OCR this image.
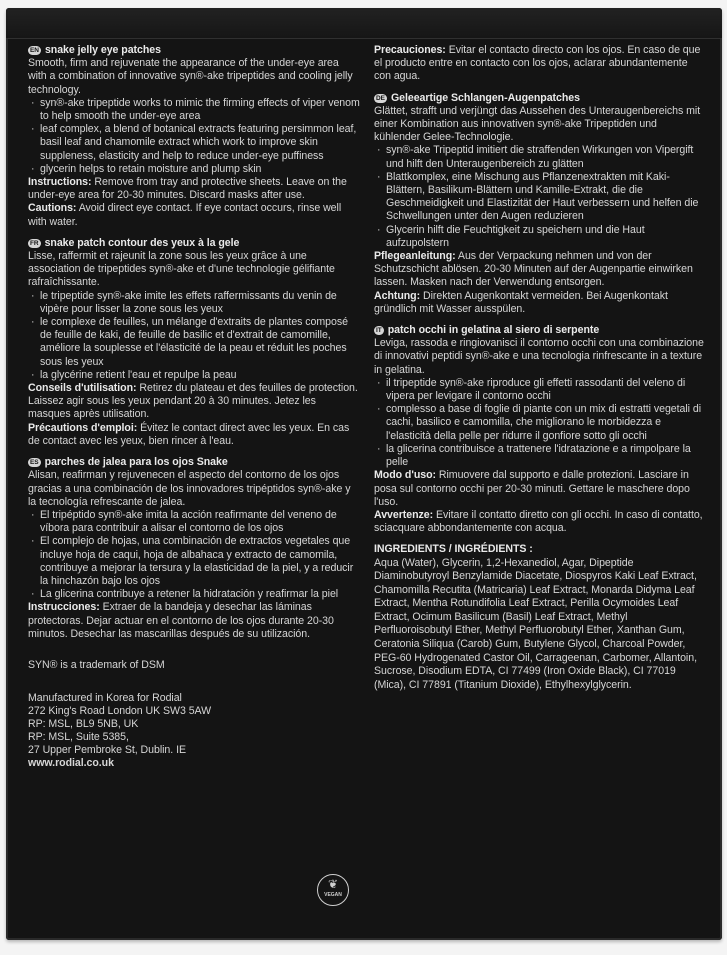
EN snake jelly eye patches

Smooth, firm and rejuvenate the appearance of the under-eye area with a combination of innovative syn®-ake tripeptides and cooling jelly technology.

· syn®-ake tripeptide works to mimic the firming effects of viper venom to help smooth the under-eye area
· leaf complex, a blend of botanical extracts featuring persimmon leaf, basil leaf and chamomile extract which work to improve skin suppleness, elasticity and help to reduce under-eye puffiness
· glycerin helps to retain moisture and plump skin

Instructions: Remove from tray and protective sheets. Leave on the under-eye area for 20-30 minutes. Discard masks after use.

Cautions: Avoid direct eye contact. If eye contact occurs, rinse well with water.

FR snake patch contour des yeux à la gele

Lisse, raffermit et rajeunit la zone sous les yeux grâce à une association de tripeptides syn®-ake et d'une technologie gélifiante rafraîchissante.

· le tripeptide syn®-ake imite les effets raffermissants du venin de vipère pour lisser la zone sous les yeux
· le complexe de feuilles, un mélange d'extraits de plantes composé de feuille de kaki, de feuille de basilic et d'extrait de camomille, améliore la souplesse et l'élasticité de la peau et réduit les poches sous les yeux
· la glycérine retient l'eau et repulpe la peau

Conseils d'utilisation: Retirez du plateau et des feuilles de protection. Laissez agir sous les yeux pendant 20 à 30 minutes. Jetez les masques après utilisation.

Précautions d'emploi: Évitez le contact direct avec les yeux. En cas de contact avec les yeux, bien rincer à l'eau.

ES parches de jalea para los ojos Snake

Alisan, reafirman y rejuvenecen el aspecto del contorno de los ojos gracias a una combinación de los innovadores tripéptidos syn®-ake y la tecnología refrescante de jalea.

· El tripéptido syn®-ake imita la acción reafirmante del veneno de víbora para contribuir a alisar el contorno de los ojos
· El complejo de hojas, una combinación de extractos vegetales que incluye hoja de caqui, hoja de albahaca y extracto de camomila, contribuye a mejorar la tersura y la elasticidad de la piel, y a reducir la hinchazón bajo los ojos
· La glicerina contribuye a retener la hidratación y reafirmar la piel

Instrucciones: Extraer de la bandeja y desechar las láminas protectoras. Dejar actuar en el contorno de los ojos durante 20-30 minutos. Desechar las mascarillas después de su utilización.

SYN® is a trademark of DSM

Manufactured in Korea for Rodial

272 King's Road London UK SW3 5AW

RP: MSL, BL9 5NB, UK

RP: MSL, Suite 5385,

27 Upper Pembroke St, Dublin. IE

www.rodial.co.uk

Precauciones: Evitar el contacto directo con los ojos. En caso de que el producto entre en contacto con los ojos, aclarar abundantemente con agua.

DE Geleeartige Schlangen-Augenpatches

Glättet, strafft und verjüngt das Aussehen des Unteraugenbereichs mit einer Kombination aus innovativen syn®-ake Tripeptiden und kühlender Gelee-Technologie.

· syn®-ake Tripeptid imitiert die straffenden Wirkungen von Vipergift und hilft den Unteraugenbereich zu glätten
· Blattkomplex, eine Mischung aus Pflanzenextrakten mit Kaki-Blättern, Basilikum-Blättern und Kamille-Extrakt, die die Geschmeidigkeit und Elastizität der Haut verbessern und helfen die Schwellungen unter den Augen reduzieren
· Glycerin hilft die Feuchtigkeit zu speichern und die Haut aufzupolstern

Pflegeanleitung: Aus der Verpackung nehmen und von der Schutzschicht ablösen. 20-30 Minuten auf der Augenpartie einwirken lassen. Masken nach der Verwendung entsorgen.

Achtung: Direkten Augenkontakt vermeiden. Bei Augenkontakt gründlich mit Wasser ausspülen.

IT patch occhi in gelatina al siero di serpente

Leviga, rassoda e ringiovanisci il contorno occhi con una combinazione di innovativi peptidi syn®-ake e una tecnologia rinfrescante in a texture in gelatina.

· il tripeptide syn®-ake riproduce gli effetti rassodanti del veleno di vipera per levigare il contorno occhi
· complesso a base di foglie di piante con un mix di estratti vegetali di cachi, basilico e camomilla, che migliorano le morbidezza e l'elasticità della pelle per ridurre il gonfiore sotto gli occhi
· la glicerina contribuisce a trattenere l'idratazione e a rimpolpare la pelle

Modo d'uso: Rimuovere dal supporto e dalle protezioni. Lasciare in posa sul contorno occhi per 20-30 minuti. Gettare le maschere dopo l'uso.

Avvertenze: Evitare il contatto diretto con gli occhi. In caso di contatto, sciacquare abbondantemente con acqua.

INGREDIENTS / INGRÉDIENTS :

Aqua (Water), Glycerin, 1,2-Hexanediol, Agar, Dipeptide Diaminobutyroyl Benzylamide Diacetate, Diospyros Kaki Leaf Extract, Chamomilla Recutita (Matricaria) Leaf Extract, Monarda Didyma Leaf Extract, Mentha Rotundifolia Leaf Extract, Perilla Ocymoides Leaf Extract, Ocimum Basilicum (Basil) Leaf Extract, Methyl Perfluoroisobutyl Ether, Methyl Perfluorobutyl Ether, Xanthan Gum, Ceratonia Siliqua (Carob) Gum, Butylene Glycol, Charcoal Powder, PEG-60 Hydrogenated Castor Oil, Carrageenan, Carbomer, Allantoin, Sucrose, Disodium EDTA, CI 77499 (Iron Oxide Black), CI 77019 (Mica), CI 77891 (Titanium Dioxide), Ethylhexylglycerin.

❦
VEGAN
